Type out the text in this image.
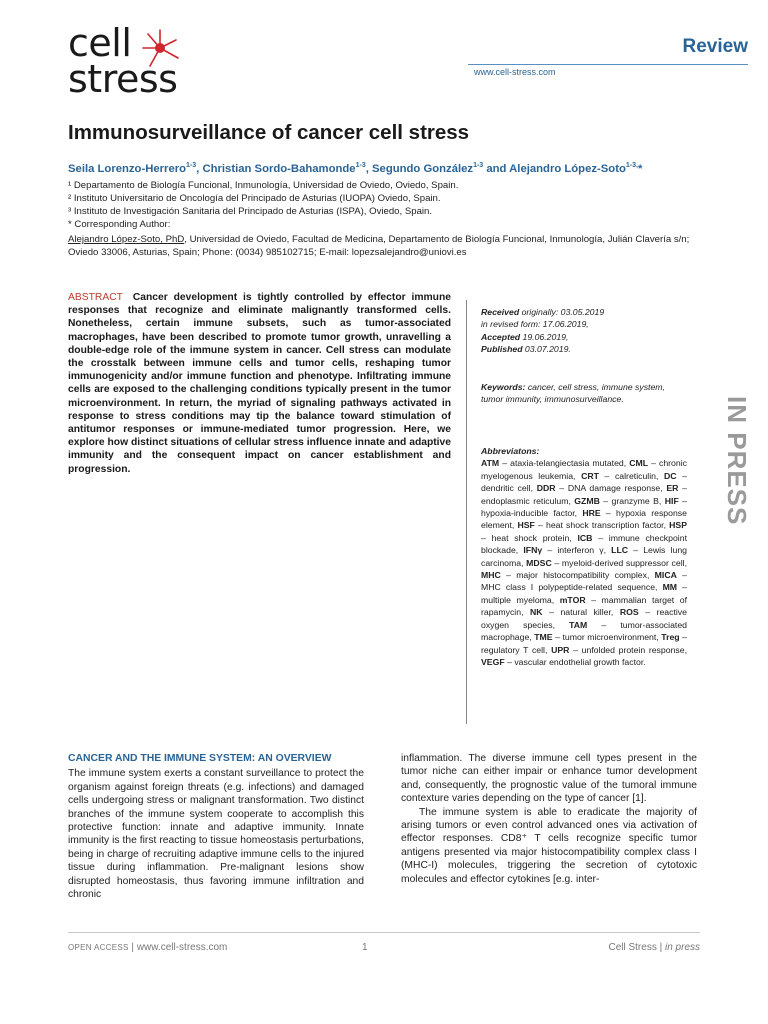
cell
stress
Review
www.cell-stress.com
Immunosurveillance of cancer cell stress
Seila Lorenzo-Herrero$^{1-3}$, Christian Sordo-Bahamonde$^{1-3}$, Segundo González$^{1-3}$ and Alejandro López-Soto$^{1-3,}$*
¹ Departamento de Biología Funcional, Inmunología, Universidad de Oviedo, Oviedo, Spain.
² Instituto Universitario de Oncología del Principado de Asturias (IUOPA) Oviedo, Spain.
³ Instituto de Investigación Sanitaria del Principado de Asturias (ISPA), Oviedo, Spain.
* Corresponding Author:
Alejandro López-Soto, PhD, Universidad de Oviedo, Facultad de Medicina, Departamento de Biología Funcional, Inmunología, Julián Clavería s/n; Oviedo 33006, Asturias, Spain; Phone: (0034) 985102715; E-mail: lopezsalejandro@uniovi.es
ABSTRACT Cancer development is tightly controlled by effector immune responses that recognize and eliminate malignantly transformed cells. Nonetheless, certain immune subsets, such as tumor-associated macrophages, have been described to promote tumor growth, unravelling a double-edge role of the immune system in cancer. Cell stress can modulate the crosstalk between immune cells and tumor cells, reshaping tumor immunogenicity and/or immune function and phenotype. Infiltrating immune cells are exposed to the challenging conditions typically present in the tumor microenvironment. In return, the myriad of signaling pathways activated in response to stress conditions may tip the balance toward stimulation of antitumor responses or immune-mediated tumor progression. Here, we explore how distinct situations of cellular stress influence innate and adaptive immunity and the consequent impact on cancer establishment and progression.
Received originally: 03.05.2019
in revised form: 17.06.2019,
Accepted 19.06.2019,
Published 03.07.2019.
Keywords: cancer, cell stress, immune system, tumor immunity, immunosurveillance.
Abbreviatons:
ATM – ataxia-telangiectasia mutated, CML – chronic myelogenous leukemia, CRT – calreticulin, DC – dendritic cell, DDR – DNA damage response, ER – endoplasmic reticulum, GZMB – granzyme B, HIF – hypoxia-inducible factor, HRE – hypoxia response element, HSF – heat shock transcription factor, HSP – heat shock protein, ICB – immune checkpoint blockade, IFNγ – interferon γ, LLC – Lewis lung carcinoma, MDSC – myeloid-derived suppressor cell, MHC – major histocompatibility complex, MICA – MHC class I polypeptide-related sequence, MM – multiple myeloma, mTOR – mammalian target of rapamycin, NK – natural killer, ROS – reactive oxygen species, TAM – tumor-associated macrophage, TME – tumor microenvironment, Treg – regulatory T cell, UPR – unfolded protein response, VEGF – vascular endothelial growth factor.
IN PRESS
CANCER AND THE IMMUNE SYSTEM: AN OVERVIEW

The immune system exerts a constant surveillance to protect the organism against foreign threats (e.g. infections) and damaged cells undergoing stress or malignant transformation. Two distinct branches of the immune system cooperate to accomplish this protective function: innate and adaptive immunity. Innate immunity is the first reacting to tissue homeostasis perturbations, being in charge of recruiting adaptive immune cells to the injured tissue during inflammation. Pre-malignant lesions show disrupted homeostasis, thus favoring immune infiltration and chronic

inflammation. The diverse immune cell types present in the tumor niche can either impair or enhance tumor development and, consequently, the prognostic value of the tumoral immune contexture varies depending on the type of cancer [1].

The immune system is able to eradicate the majority of arising tumors or even control advanced ones via activation of effector responses. CD8⁺ T cells recognize specific tumor antigens presented via major histocompatibility complex class I (MHC-I) molecules, triggering the secretion of cytotoxic molecules and effector cytokines [e.g. inter-

OPEN ACCESS | www.cell-stress.com	1	Cell Stress | in press
